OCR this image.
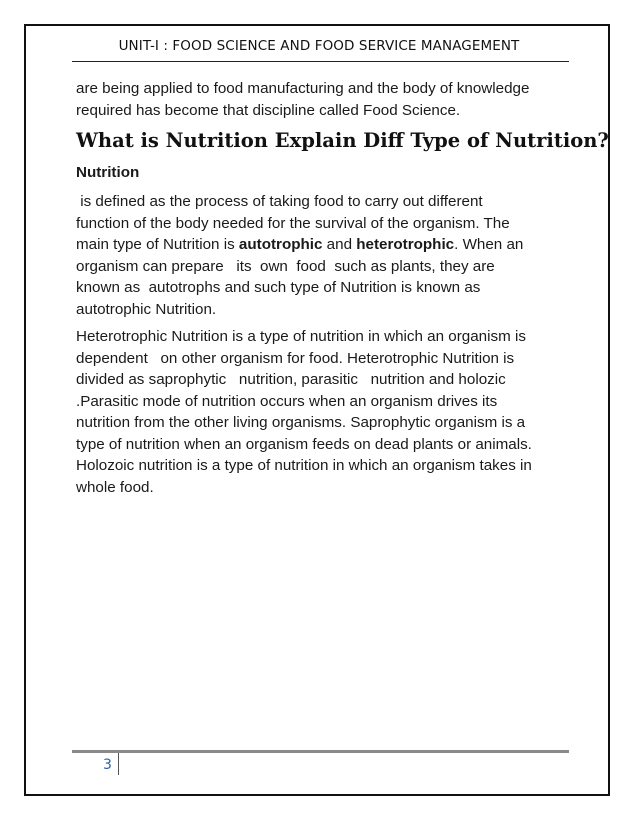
UNIT-I : FOOD SCIENCE AND FOOD SERVICE MANAGEMENT

are being applied to food manufacturing and the body of knowledge
required has become that discipline called Food Science.

What is Nutrition Explain Diff Type of Nutrition?
Nutrition

is defined as the process of taking food to carry out different
function of the body needed for the survival of the organism. The
main type of Nutrition is autotrophic and heterotrophic. When an
organism can prepare   its  own  food  such as plants, they are
known as  autotrophs and such type of Nutrition is known as
autotrophic Nutrition.

Heterotrophic Nutrition is a type of nutrition in which an organism is
dependent   on other organism for food. Heterotrophic Nutrition is
divided as saprophytic   nutrition, parasitic   nutrition and holozic
.Parasitic mode of nutrition occurs when an organism drives its
nutrition from the other living organisms. Saprophytic organism is a
type of nutrition when an organism feeds on dead plants or animals.
Holozoic nutrition is a type of nutrition in which an organism takes in
whole food.

3
